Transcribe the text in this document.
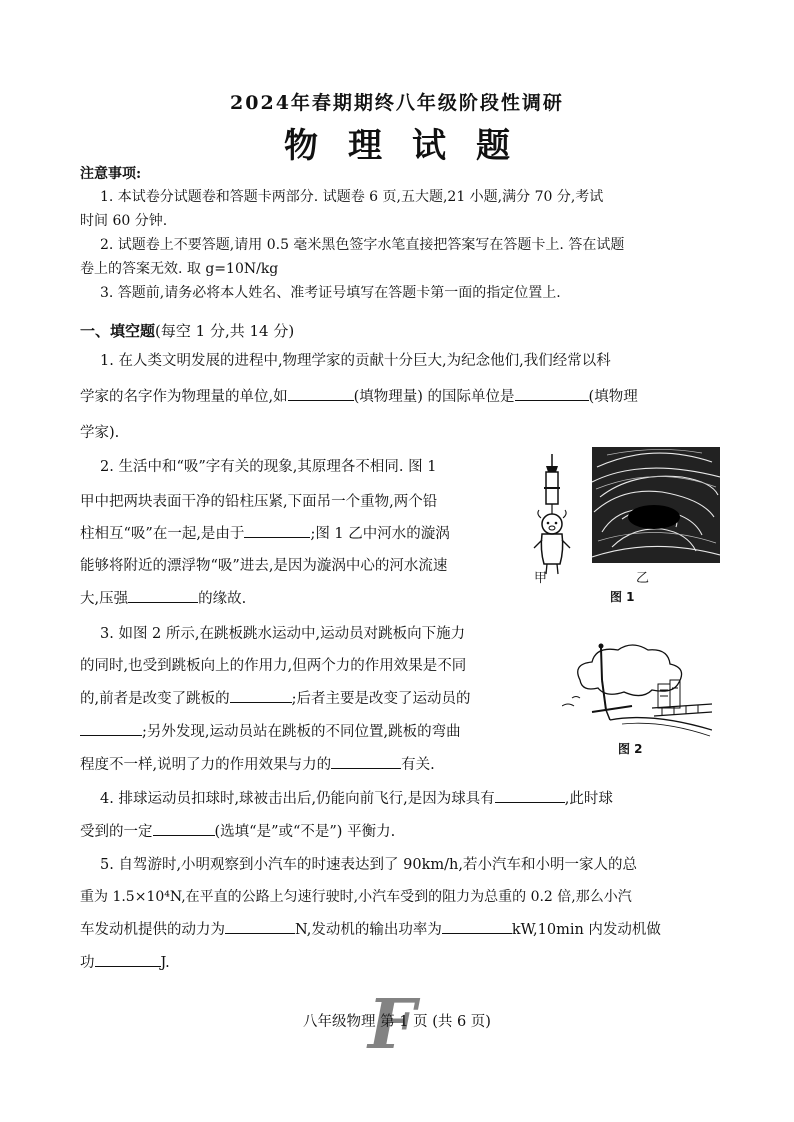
2024年春期期终八年级阶段性调研
物理试题
注意事项:
1. 本试卷分试题卷和答题卡两部分. 试题卷 6 页,五大题,21 小题,满分 70 分,考试
时间 60 分钟.
2. 试题卷上不要答题,请用 0.5 毫米黑色签字水笔直接把答案写在答题卡上. 答在试题
卷上的答案无效. 取 g=10N/kg
3. 答题前,请务必将本人姓名、准考证号填写在答题卡第一面的指定位置上.
一、填空题(每空 1 分,共 14 分)
1. 在人类文明发展的进程中,物理学家的贡献十分巨大,为纪念他们,我们经常以科
学家的名字作为物理量的单位,如	(填物理量) 的国际单位是	(填物理
学家).
2. 生活中和“吸”字有关的现象,其原理各不相同. 图 1
甲中把两块表面干净的铅柱压紧,下面吊一个重物,两个铅
柱相互“吸”在一起,是由于	;图 1 乙中河水的漩涡
能够将附近的漂浮物“吸”进去,是因为漩涡中心的河水流速
大,压强	的缘故.
甲	乙
图 1
3. 如图 2 所示,在跳板跳水运动中,运动员对跳板向下施力
的同时,也受到跳板向上的作用力,但两个力的作用效果是不同
的,前者是改变了跳板的	;后者主要是改变了运动员的
;另外发现,运动员站在跳板的不同位置,跳板的弯曲
程度不一样,说明了力的作用效果与力的	有关.
图 2
4. 排球运动员扣球时,球被击出后,仍能向前飞行,是因为球具有	,此时球
受到的一定	(选填“是”或“不是”) 平衡力.
5. 自驾游时,小明观察到小汽车的时速表达到了 90km/h,若小汽车和小明一家人的总
重为 1.5×10⁴N,在平直的公路上匀速行驶时,小汽车受到的阻力为总重的 0.2 倍,那么小汽
车发动机提供的动力为	N,发动机的输出功率为	kW,10min 内发动机做
功	J.
F
八年级物理 第 1 页 (共 6 页)
